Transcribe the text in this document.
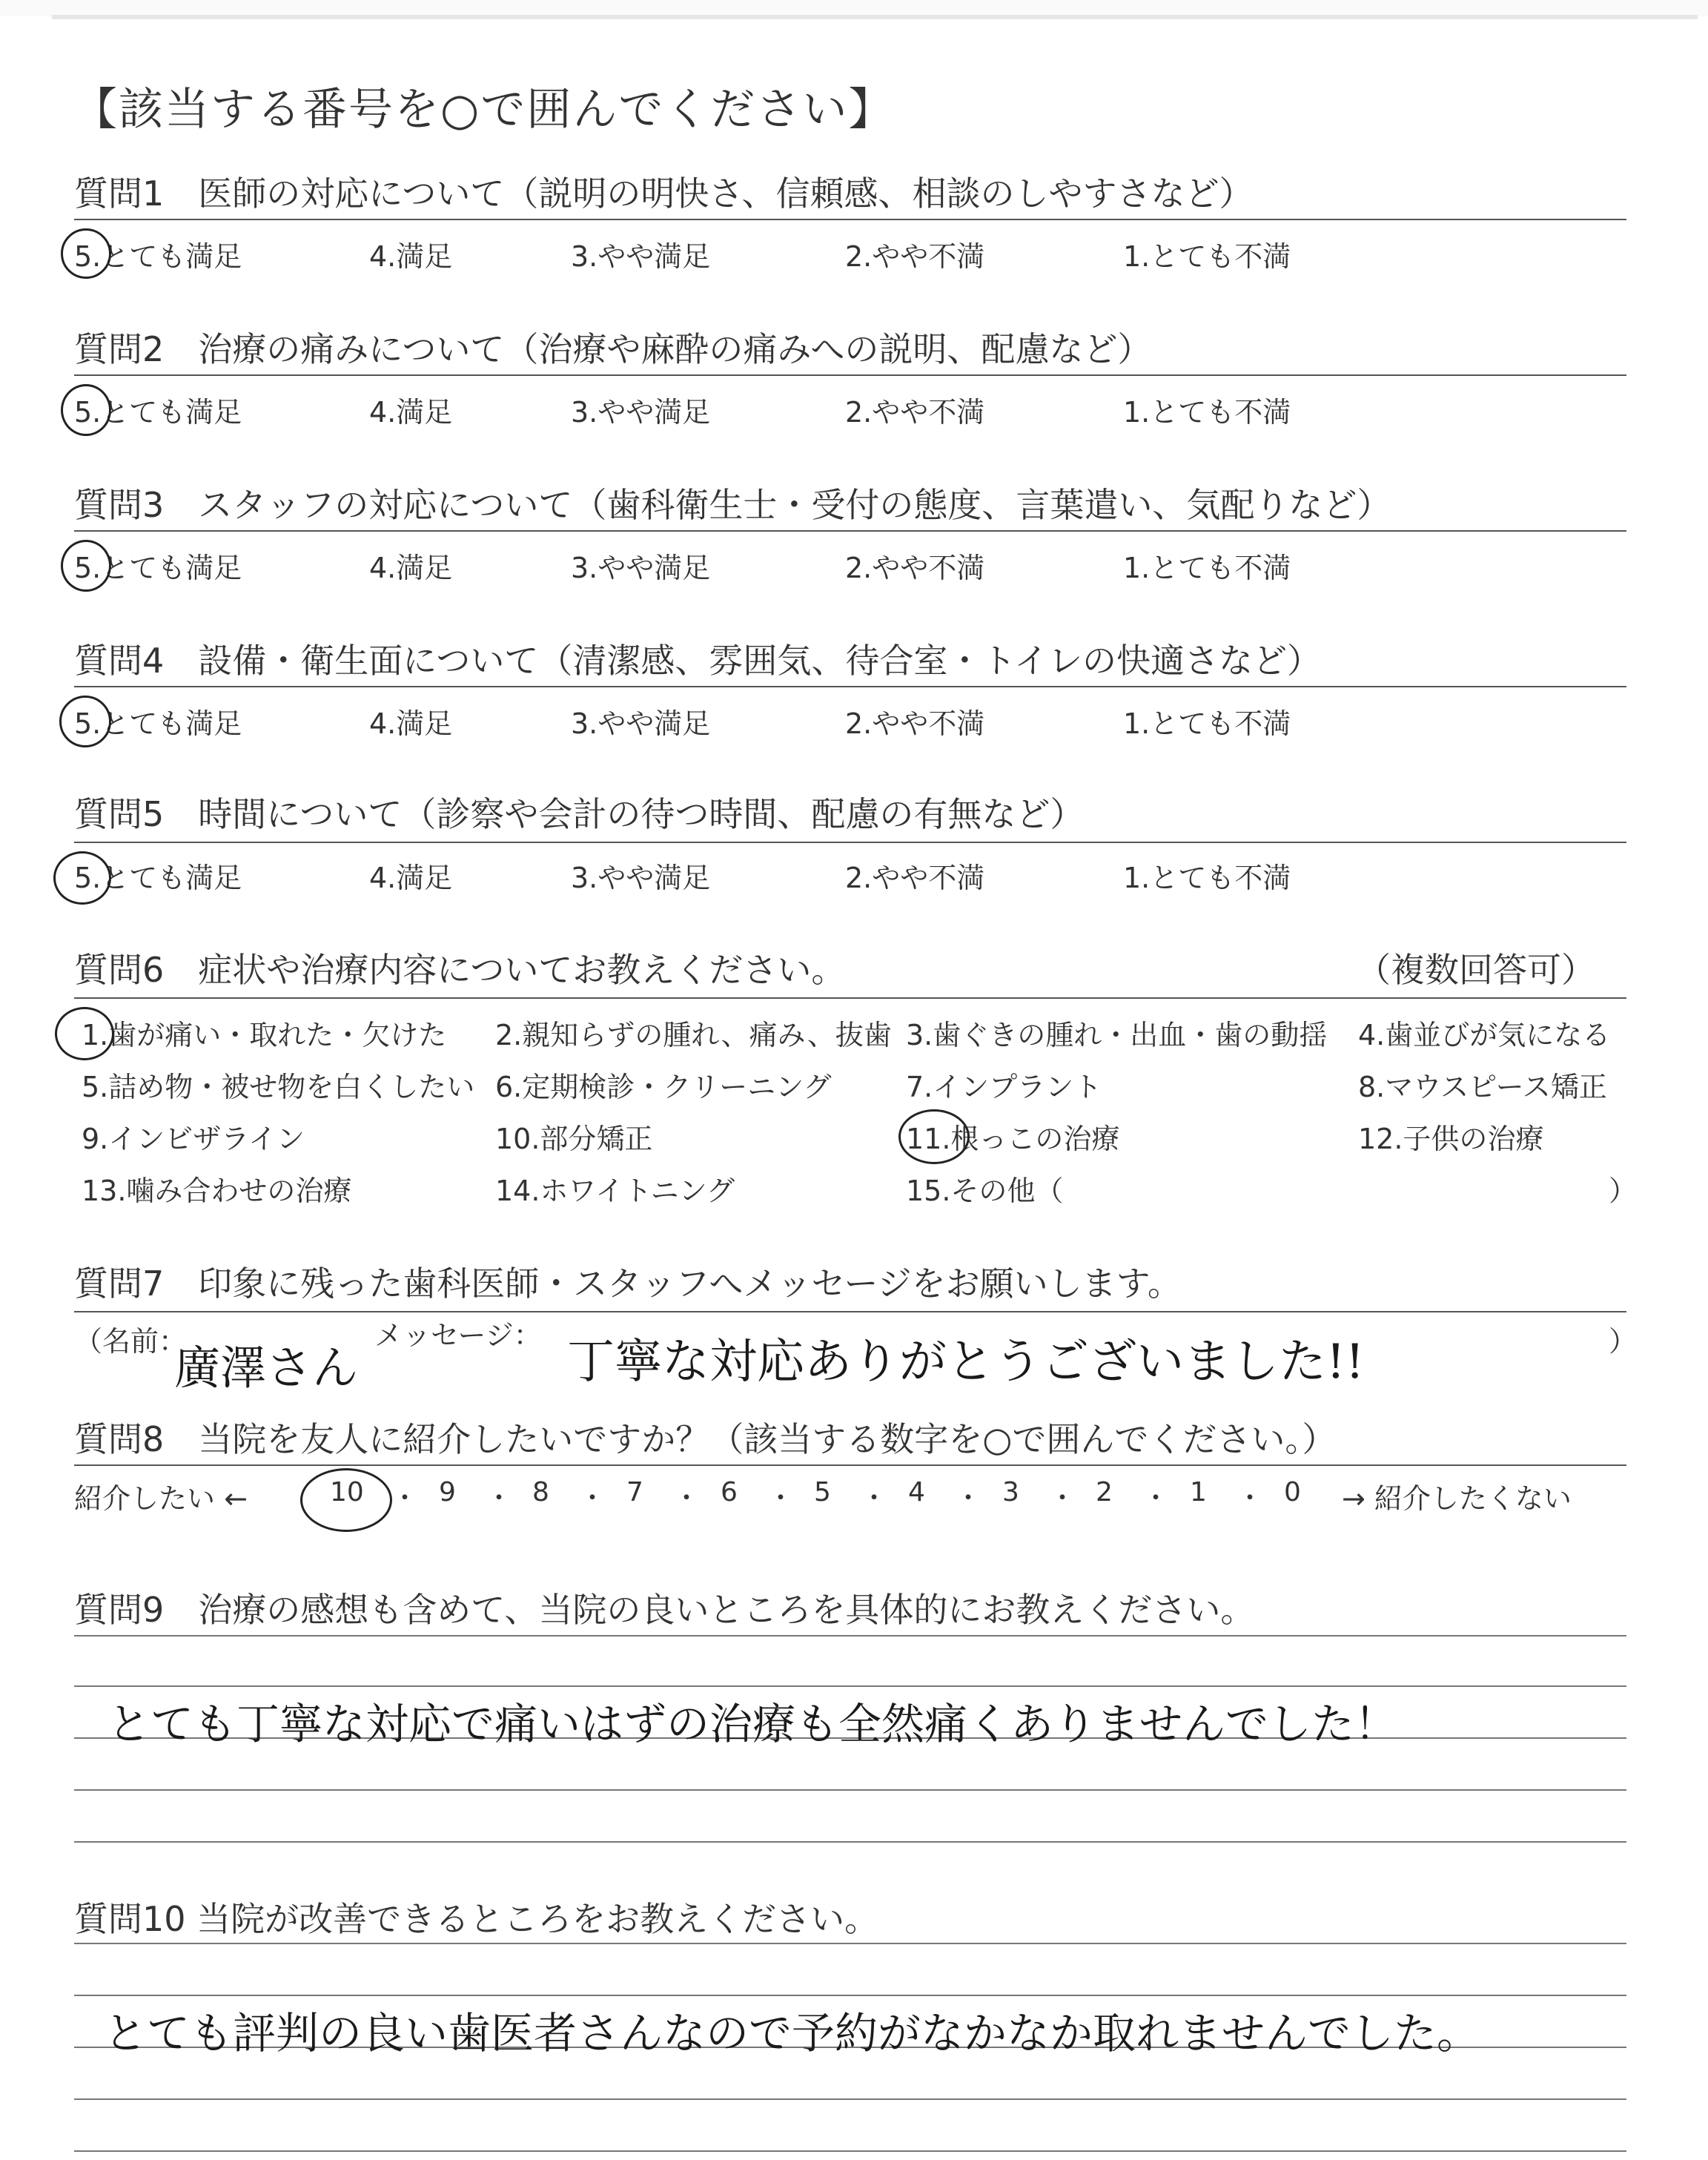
【該当する番号を○で囲んでください】
質問1　医師の対応について（説明の明快さ、信頼感、相談のしやすさなど）
5.とても満足	4.満足	3.やや満足	2.やや不満	1.とても不満
質問2　治療の痛みについて（治療や麻酔の痛みへの説明、配慮など）
5.とても満足	4.満足	3.やや満足	2.やや不満	1.とても不満
質問3　スタッフの対応について（歯科衛生士・受付の態度、言葉遣い、気配りなど）
5.とても満足	4.満足	3.やや満足	2.やや不満	1.とても不満
質問4　設備・衛生面について（清潔感、雰囲気、待合室・トイレの快適さなど）
5.とても満足	4.満足	3.やや満足	2.やや不満	1.とても不満
質問5　時間について（診察や会計の待つ時間、配慮の有無など）
5.とても満足	4.満足	3.やや満足	2.やや不満	1.とても不満
質問6　症状や治療内容についてお教えください。	（複数回答可）
1.歯が痛い・取れた・欠けた 2.親知らずの腫れ、痛み、抜歯 3.歯ぐきの腫れ・出血・歯の動揺 4.歯並びが気になる
5.詰め物・被せ物を白くしたい 6.定期検診・クリーニング	7.インプラント	8.マウスピース矯正
9.インビザライン	10.部分矯正	11.根っこの治療	12.子供の治療
13.噛み合わせの治療	14.ホワイトニング	15.その他（	）
質問7　印象に残った歯科医師・スタッフへメッセージをお願いします。
（名前：
廣澤さん
メッセージ： 丁寧な対応ありがとうございました!!	）
質問8　当院を友人に紹介したいですか？（該当する数字を○で囲んでください。）
紹介したい ←	→ 紹介したくない
10 ・ 9 ・ 8 ・ 7 ・ 6 ・ 5 ・ 4 ・ 3 ・ 2 ・ 1 ・ 0
質問9　治療の感想も含めて、当院の良いところを具体的にお教えください。
とても丁寧な対応で痛いはずの治療も全然痛くありませんでした！
質問10 当院が改善できるところをお教えください。
とても評判の良い歯医者さんなので予約がなかなか取れませんでした。
